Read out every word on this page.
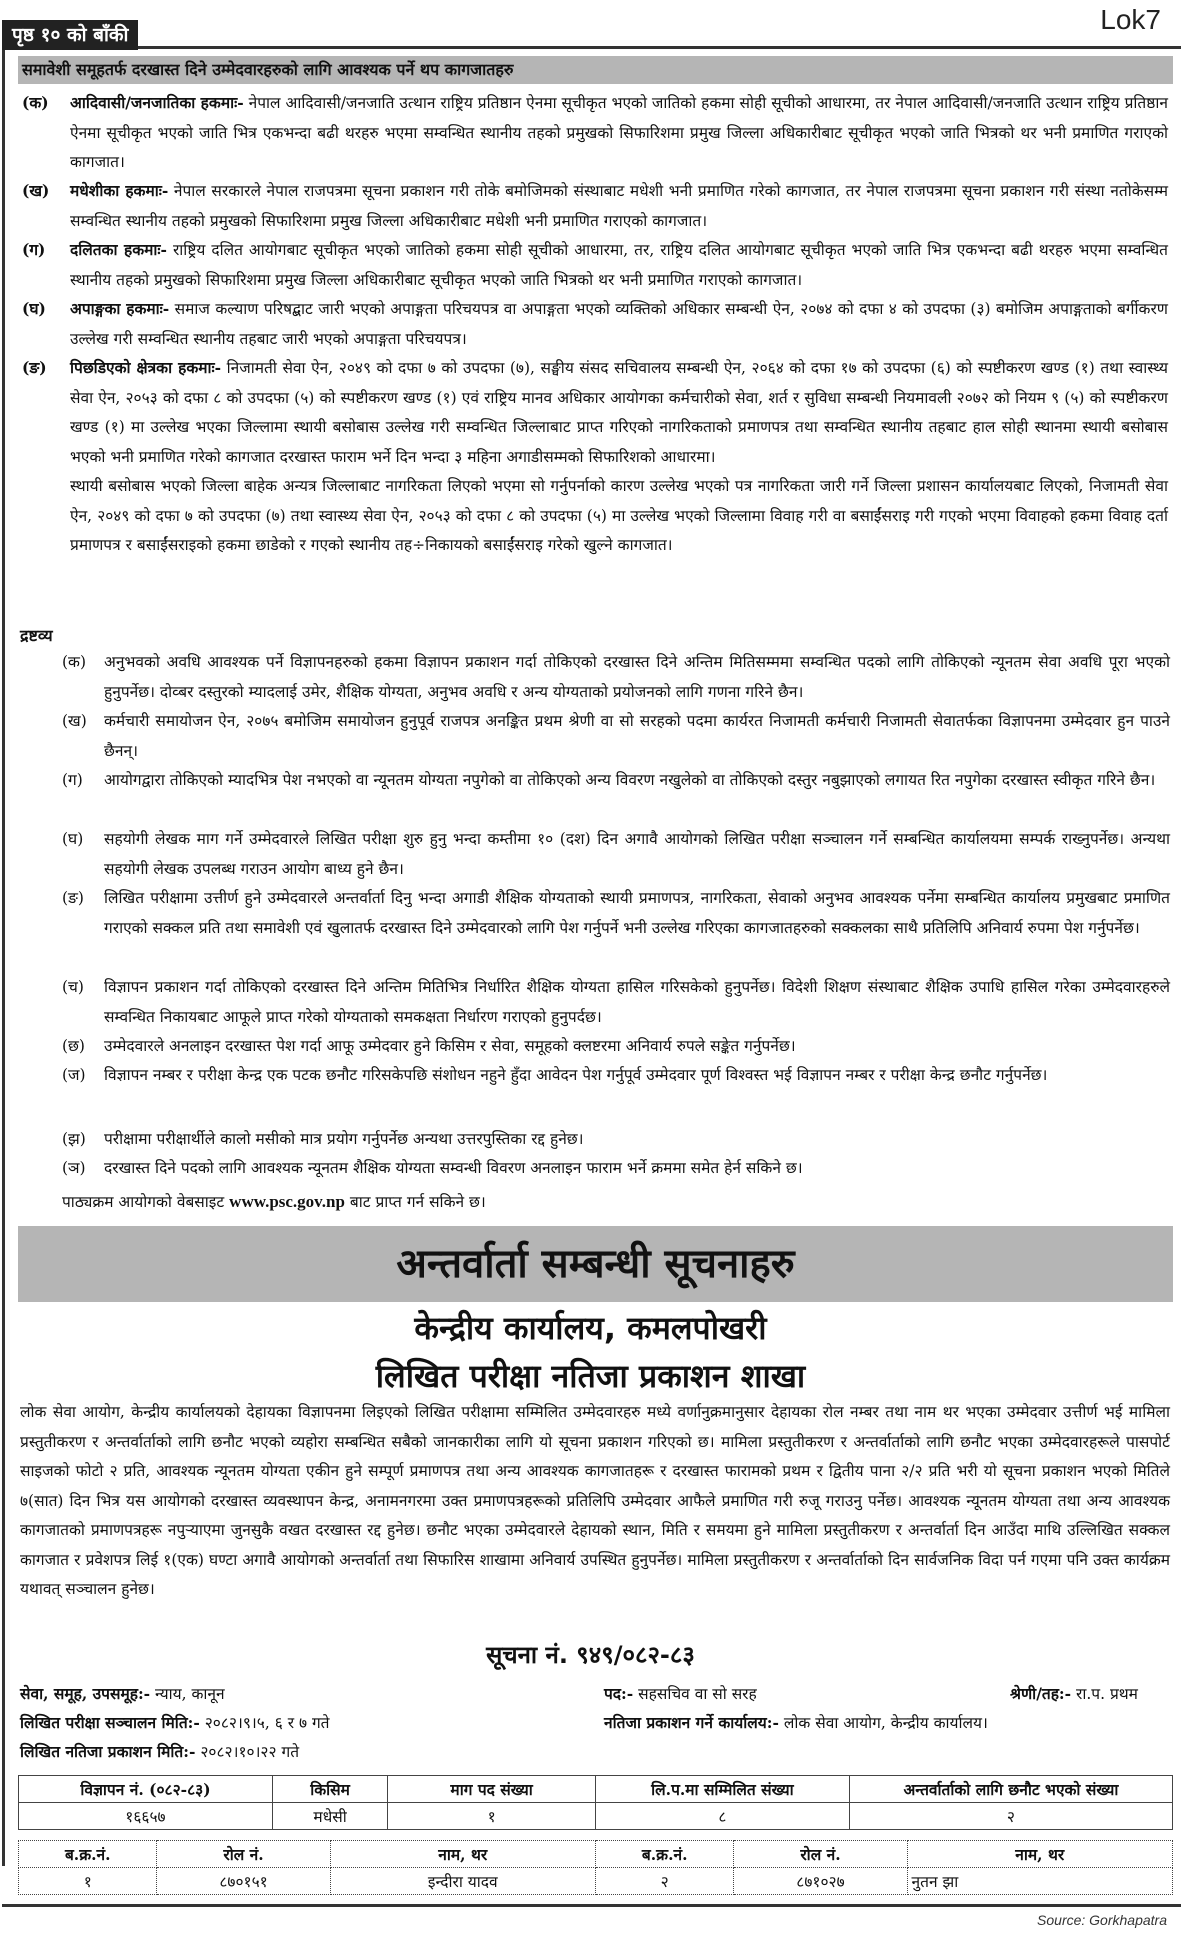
पृष्ठ १० को बाँकी	Lok7
समावेशी समूहतर्फ दरखास्त दिने उम्मेदवारहरुको लागि आवश्यक पर्ने थप कागजातहरु
(क)	आदिवासी/जनजातिका हकमाः- नेपाल आदिवासी/जनजाति उत्थान राष्ट्रिय प्रतिष्ठान ऐनमा सूचीकृत भएको जातिको हकमा सोही सूचीको आधारमा, तर नेपाल आदिवासी/जनजाति उत्थान राष्ट्रिय प्रतिष्ठान ऐनमा सूचीकृत भएको जाति भित्र एकभन्दा बढी थरहरु भएमा सम्वन्धित स्थानीय तहको प्रमुखको सिफारिशमा प्रमुख जिल्ला अधिकारीबाट सूचीकृत भएको जाति भित्रको थर भनी प्रमाणित गराएको कागजात।
(ख)	मधेशीका हकमाः- नेपाल सरकारले नेपाल राजपत्रमा सूचना प्रकाशन गरी तोके बमोजिमको संस्थाबाट मधेशी भनी प्रमाणित गरेको कागजात, तर नेपाल राजपत्रमा सूचना प्रकाशन गरी संस्था नतोकेसम्म सम्वन्धित स्थानीय तहको प्रमुखको सिफारिशमा प्रमुख जिल्ला अधिकारीबाट मधेशी भनी प्रमाणित गराएको कागजात।
(ग)	दलितका हकमाः- राष्ट्रिय दलित आयोगबाट सूचीकृत भएको जातिको हकमा सोही सूचीको आधारमा, तर, राष्ट्रिय दलित आयोगबाट सूचीकृत भएको जाति भित्र एकभन्दा बढी थरहरु भएमा सम्वन्धित स्थानीय तहको प्रमुखको सिफारिशमा प्रमुख जिल्ला अधिकारीबाट सूचीकृत भएको जाति भित्रको थर भनी प्रमाणित गराएको कागजात।
(घ)	अपाङ्गका हकमाः- समाज कल्याण परिषद्बाट जारी भएको अपाङ्गता परिचयपत्र वा अपाङ्गता भएको व्यक्तिको अधिकार सम्बन्धी ऐन, २०७४ को दफा ४ को उपदफा (३) बमोजिम अपाङ्गताको बर्गीकरण उल्लेख गरी सम्वन्धित स्थानीय तहबाट जारी भएको अपाङ्गता परिचयपत्र।
(ङ)	पिछडिएको क्षेत्रका हकमाः- निजामती सेवा ऐन, २०४९ को दफा ७ को उपदफा (७), सङ्घीय संसद सचिवालय सम्बन्धी ऐन, २०६४ को दफा १७ को उपदफा (६) को स्पष्टीकरण खण्ड (१) तथा स्वास्थ्य सेवा ऐन, २०५३ को दफा ८ को उपदफा (५) को स्पष्टीकरण खण्ड (१) एवं राष्ट्रिय मानव अधिकार आयोगका कर्मचारीको सेवा, शर्त र सुविधा सम्बन्धी नियमावली २०७२ को नियम ९ (५) को स्पष्टीकरण खण्ड (१) मा उल्लेख भएका जिल्लामा स्थायी बसोबास उल्लेख गरी सम्वन्धित जिल्लाबाट प्राप्त गरिएको नागरिकताको प्रमाणपत्र तथा सम्वन्धित स्थानीय तहबाट हाल सोही स्थानमा स्थायी बसोबास भएको भनी प्रमाणित गरेको कागजात दरखास्त फाराम भर्ने दिन भन्दा ३ महिना अगाडीसम्मको सिफारिशको आधारमा।
स्थायी बसोबास भएको जिल्ला बाहेक अन्यत्र जिल्लाबाट नागरिकता लिएको भएमा सो गर्नुपर्नाको कारण उल्लेख भएको पत्र नागरिकता जारी गर्ने जिल्ला प्रशासन कार्यालयबाट लिएको, निजामती सेवा ऐन, २०४९ को दफा ७ को उपदफा (७) तथा स्वास्थ्य सेवा ऐन, २०५३ को दफा ८ को उपदफा (५) मा उल्लेख भएको जिल्लामा विवाह गरी वा बसाईंसराइ गरी गएको भएमा विवाहको हकमा विवाह दर्ता प्रमाणपत्र र बसाईंसराइको हकमा छाडेको र गएको स्थानीय तह÷निकायको बसाईंसराइ गरेको खुल्ने कागजात।
द्रष्टव्य
(क)	अनुभवको अवधि आवश्यक पर्ने विज्ञापनहरुको हकमा विज्ञापन प्रकाशन गर्दा तोकिएको दरखास्त दिने अन्तिम मितिसम्ममा सम्वन्धित पदको लागि तोकिएको न्यूनतम सेवा अवधि पूरा भएको हुनुपर्नेछ। दोव्बर दस्तुरको म्यादलाई उमेर, शैक्षिक योग्यता, अनुभव अवधि र अन्य योग्यताको प्रयोजनको लागि गणना गरिने छैन।
(ख)	कर्मचारी समायोजन ऐन, २०७५ बमोजिम समायोजन हुनुपूर्व राजपत्र अनङ्कित प्रथम श्रेणी वा सो सरहको पदमा कार्यरत निजामती कर्मचारी निजामती सेवातर्फका विज्ञापनमा उम्मेदवार हुन पाउने छैनन्।
(ग)	आयोगद्वारा तोकिएको म्यादभित्र पेश नभएको वा न्यूनतम योग्यता नपुगेको वा तोकिएको अन्य विवरण नखुलेको वा तोकिएको दस्तुर नबुझाएको लगायत रित नपुगेका दरखास्त स्वीकृत गरिने छैन।
(घ)	सहयोगी लेखक माग गर्ने उम्मेदवारले लिखित परीक्षा शुरु हुनु भन्दा कम्तीमा १० (दश) दिन अगावै आयोगको लिखित परीक्षा सञ्चालन गर्ने सम्बन्धित कार्यालयमा सम्पर्क राख्नुपर्नेछ। अन्यथा सहयोगी लेखक उपलब्ध गराउन आयोग बाध्य हुने छैन।
(ङ)	लिखित परीक्षामा उत्तीर्ण हुने उम्मेदवारले अन्तर्वार्ता दिनु भन्दा अगाडी शैक्षिक योग्यताको स्थायी प्रमाणपत्र, नागरिकता, सेवाको अनुभव आवश्यक पर्नेमा सम्बन्धित कार्यालय प्रमुखबाट प्रमाणित गराएको सक्कल प्रति तथा समावेशी एवं खुलातर्फ दरखास्त दिने उम्मेदवारको लागि पेश गर्नुपर्ने भनी उल्लेख गरिएका कागजातहरुको सक्कलका साथै प्रतिलिपि अनिवार्य रुपमा पेश गर्नुपर्नेछ।
(च)	विज्ञापन प्रकाशन गर्दा तोकिएको दरखास्त दिने अन्तिम मितिभित्र निर्धारित शैक्षिक योग्यता हासिल गरिसकेको हुनुपर्नेछ। विदेशी शिक्षण संस्थाबाट शैक्षिक उपाधि हासिल गरेका उम्मेदवारहरुले सम्वन्धित निकायबाट आफूले प्राप्त गरेको योग्यताको समकक्षता निर्धारण गराएको हुनुपर्दछ।
(छ)	उम्मेदवारले अनलाइन दरखास्त पेश गर्दा आफू उम्मेदवार हुने किसिम र सेवा, समूहको क्लष्टरमा अनिवार्य रुपले सङ्केत गर्नुपर्नेछ।
(ज)	विज्ञापन नम्बर र परीक्षा केन्द्र एक पटक छनौट गरिसकेपछि संशोधन नहुने हुँदा आवेदन पेश गर्नुपूर्व उम्मेदवार पूर्ण विश्वस्त भई विज्ञापन नम्बर र परीक्षा केन्द्र छनौट गर्नुपर्नेछ।
(झ)	परीक्षामा परीक्षार्थीले कालो मसीको मात्र प्रयोग गर्नुपर्नेछ अन्यथा उत्तरपुस्तिका रद्द हुनेछ।
(ञ)	दरखास्त दिने पदको लागि आवश्यक न्यूनतम शैक्षिक योग्यता सम्वन्धी विवरण अनलाइन फाराम भर्ने क्रममा समेत हेर्न सकिने छ।
पाठ्यक्रम आयोगको वेबसाइट www.psc.gov.np बाट प्राप्त गर्न सकिने छ।
अन्तर्वार्ता सम्बन्धी सूचनाहरु
केन्द्रीय कार्यालय, कमलपोखरी
लिखित परीक्षा नतिजा प्रकाशन शाखा
लोक सेवा आयोग, केन्द्रीय कार्यालयको देहायका विज्ञापनमा लिइएको लिखित परीक्षामा सम्मिलित उम्मेदवारहरु मध्ये वर्णानुक्रमानुसार देहायका रोल नम्बर तथा नाम थर भएका उम्मेदवार उत्तीर्ण भई मामिला प्रस्तुतीकरण र अन्तर्वार्ताको लागि छनौट भएको व्यहोरा सम्बन्धित सबैको जानकारीका लागि यो सूचना प्रकाशन गरिएको छ। मामिला प्रस्तुतीकरण र अन्तर्वार्ताको लागि छनौट भएका उम्मेदवारहरूले पासपोर्ट साइजको फोटो २ प्रति, आवश्यक न्यूनतम योग्यता एकीन हुने सम्पूर्ण प्रमाणपत्र तथा अन्य आवश्यक कागजातहरू र दरखास्त फारामको प्रथम र द्वितीय पाना २/२ प्रति भरी यो सूचना प्रकाशन भएको मितिले ७(सात) दिन भित्र यस आयोगको दरखास्त व्यवस्थापन केन्द्र, अनामनगरमा उक्त प्रमाणपत्रहरूको प्रतिलिपि उम्मेदवार आफैले प्रमाणित गरी रुजू गराउनु पर्नेछ। आवश्यक न्यूनतम योग्यता तथा अन्य आवश्यक कागजातको प्रमाणपत्रहरू नपुऱ्याएमा जुनसुकै वखत दरखास्त रद्द हुनेछ। छनौट भएका उम्मेदवारले देहायको स्थान, मिति र समयमा हुने मामिला प्रस्तुतीकरण र अन्तर्वार्ता दिन आउँदा माथि उल्लिखित सक्कल कागजात र प्रवेशपत्र लिई १(एक) घण्टा अगावै आयोगको अन्तर्वार्ता तथा सिफारिस शाखामा अनिवार्य उपस्थित हुनुपर्नेछ। मामिला प्रस्तुतीकरण र अन्तर्वार्ताको दिन सार्वजनिक विदा पर्न गएमा पनि उक्त कार्यक्रम यथावत् सञ्चालन हुनेछ।
सूचना नं. ९४९/०८२-८३
सेवा, समूह, उपसमूह:- न्याय, कानून	पद:- सहसचिव वा सो सरह	श्रेणी/तह:- रा.प. प्रथम
लिखित परीक्षा सञ्चालन मिति:- २०८२।९।५, ६ र ७ गते	नतिजा प्रकाशन गर्ने कार्यालय:- लोक सेवा आयोग, केन्द्रीय कार्यालय।
लिखित नतिजा प्रकाशन मिति:- २०८२।१०।२२ गते
विज्ञापन नं. (०८२-८३)	किसिम	माग पद संख्या	लि.प.मा सम्मिलित संख्या	अन्तर्वार्ताको लागि छनौट भएको संख्या
१६६५७	मधेसी	१	८	२
ब.क्र.नं.	रोल नं.	नाम, थर	ब.क्र.नं.	रोल नं.	नाम, थर
१	८७०१५१	इन्दीरा यादव	२	८७१०२७	नुतन झा
Source: Gorkhapatra
